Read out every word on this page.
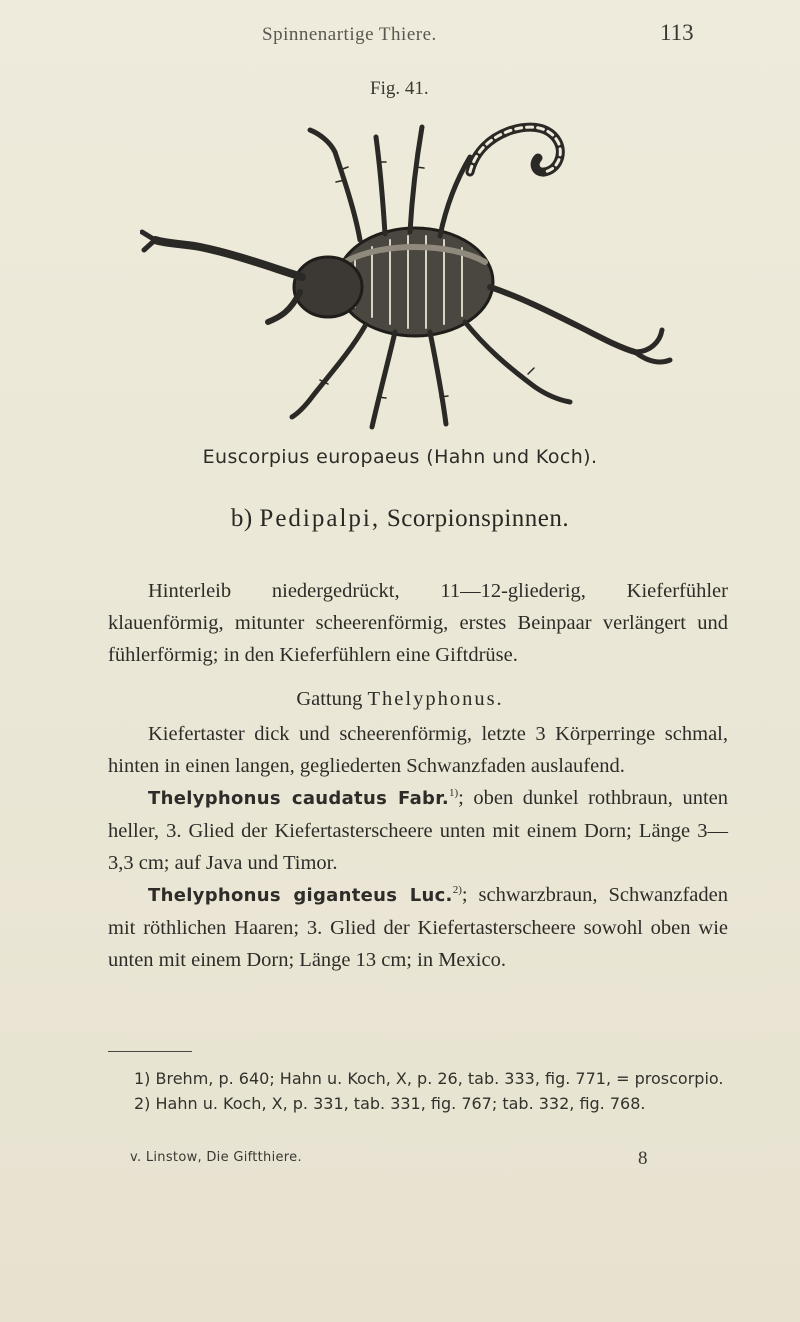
Spinnenartige Thiere.	113
Fig. 41.
Euscorpius europaeus (Hahn und Koch).
b) Pedipalpi, Scorpionspinnen.

Hinterleib niedergedrückt, 11—12-gliederig, Kieferfühler klauenförmig, mitunter scheerenförmig, erstes Beinpaar verlängert und fühlerförmig; in den Kieferfühlern eine Giftdrüse.

Gattung Thelyphonus.

Kiefertaster dick und scheerenförmig, letzte 3 Körperringe schmal, hinten in einen langen, gegliederten Schwanzfaden auslaufend.

Thelyphonus caudatus Fabr.$^{1)}$; oben dunkel rothbraun, unten heller, 3. Glied der Kiefertasterscheere unten mit einem Dorn; Länge 3—3,3 cm; auf Java und Timor.

Thelyphonus giganteus Luc.$^{2)}$; schwarzbraun, Schwanzfaden mit röthlichen Haaren; 3. Glied der Kiefertasterscheere sowohl oben wie unten mit einem Dorn; Länge 13 cm; in Mexico.

1) Brehm, p. 640; Hahn u. Koch, X, p. 26, tab. 333, fig. 771, = proscorpio.

2) Hahn u. Koch, X, p. 331, tab. 331, fig. 767; tab. 332, fig. 768.

v. Linstow, Die Giftthiere.	8
